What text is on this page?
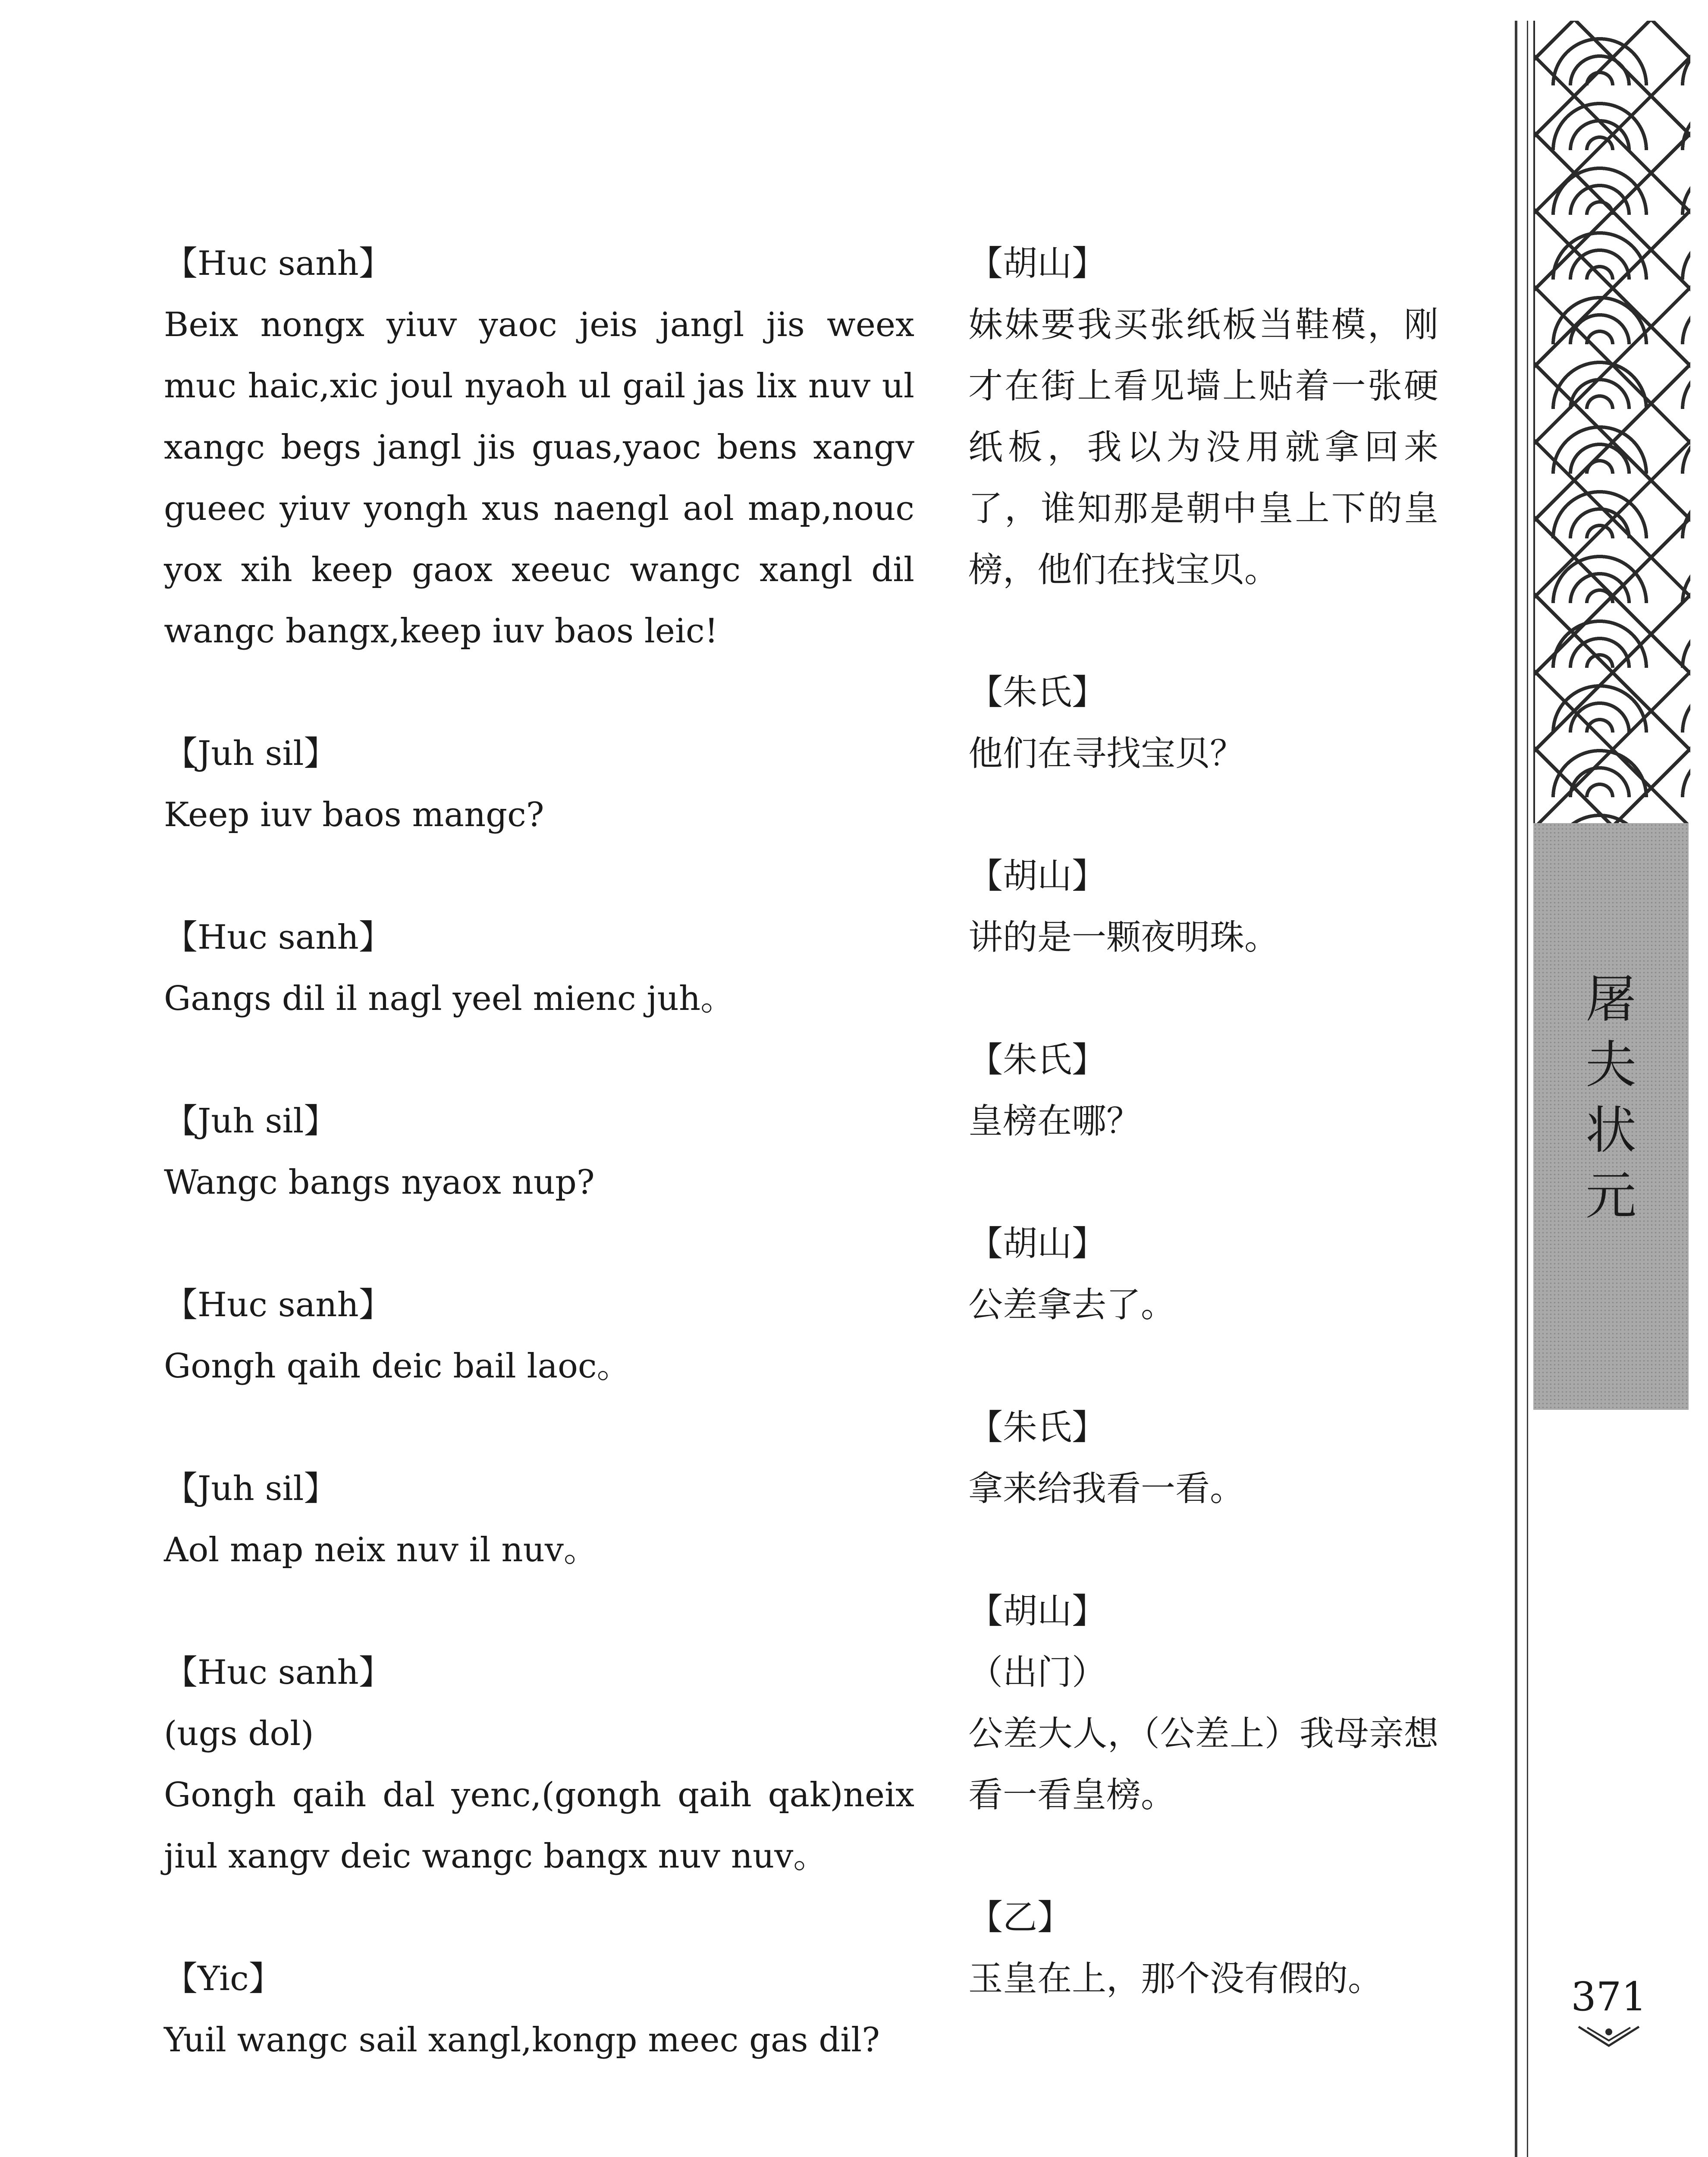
屠
夫
状
元
371

【Huc sanh】

Beix nongx yiuv yaoc jeis jangl jis weex muc haic,xic joul nyaoh ul gail jas lix nuv ul xangc begs jangl jis guas,yaoc bens xangv gueec yiuv yongh xus naengl aol map,nouc yox xih keep gaox xeeuc wangc xangl dil wangc bangx,keep iuv baos leic!

【Juh sil】

Keep iuv baos mangc?

【Huc sanh】

Gangs dil il nagl yeel mienc juh。

【Juh sil】

Wangc bangs nyaox nup?

【Huc sanh】

Gongh qaih deic bail laoc。

【Juh sil】

Aol map neix nuv il nuv。

【Huc sanh】

(ugs dol)

Gongh qaih dal yenc,(gongh qaih qak)neix jiul xangv deic wangc bangx nuv nuv。

【Yic】

Yuil wangc sail xangl,kongp meec gas dil?

【胡山】

妹妹要我买张纸板当鞋模，刚才在街上看见墙上贴着一张硬纸板，我以为没用就拿回来了，谁知那是朝中皇上下的皇榜，他们在找宝贝。

【朱氏】

他们在寻找宝贝？

【胡山】

讲的是一颗夜明珠。

【朱氏】

皇榜在哪？

【胡山】

公差拿去了。

【朱氏】

拿来给我看一看。

【胡山】

（出门）

公差大人，（公差上）我母亲想看一看皇榜。

【乙】

玉皇在上，那个没有假的。
